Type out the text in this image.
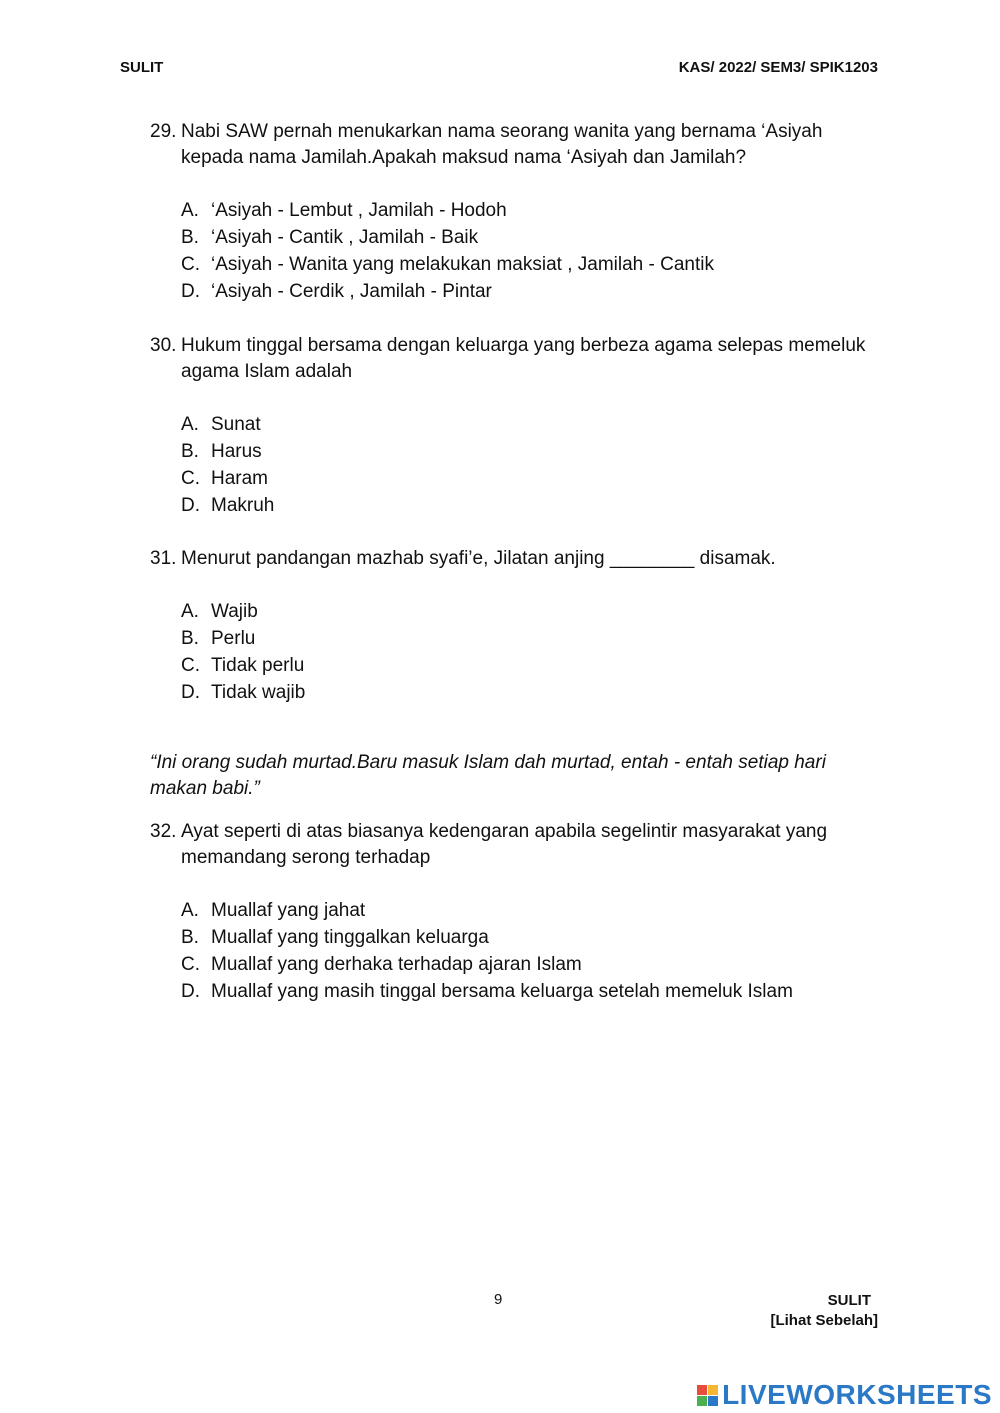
SULIT	KAS/ 2022/ SEM3/ SPIK1203
29. Nabi SAW pernah menukarkan nama seorang wanita yang bernama ‘Asiyah kepada nama Jamilah.Apakah maksud nama ‘Asiyah dan Jamilah?
A. ‘Asiyah - Lembut , Jamilah - Hodoh
B. ‘Asiyah - Cantik , Jamilah - Baik
C. ‘Asiyah - Wanita yang melakukan maksiat , Jamilah - Cantik
D. ‘Asiyah - Cerdik , Jamilah - Pintar
30. Hukum tinggal bersama dengan keluarga yang berbeza agama selepas memeluk agama Islam adalah
A. Sunat
B. Harus
C. Haram
D. Makruh
31. Menurut pandangan mazhab syafi’e, Jilatan anjing ________ disamak.
A. Wajib
B. Perlu
C. Tidak perlu
D. Tidak wajib
“Ini orang sudah murtad.Baru masuk Islam dah murtad, entah - entah setiap hari makan babi.”
32. Ayat seperti di atas biasanya kedengaran apabila segelintir masyarakat yang memandang serong terhadap
A. Muallaf yang jahat
B. Muallaf yang tinggalkan keluarga
C. Muallaf yang derhaka terhadap ajaran Islam
D. Muallaf yang masih tinggal bersama keluarga setelah memeluk Islam
9	SULIT
[Lihat Sebelah]
LIVEWORKSHEETS
